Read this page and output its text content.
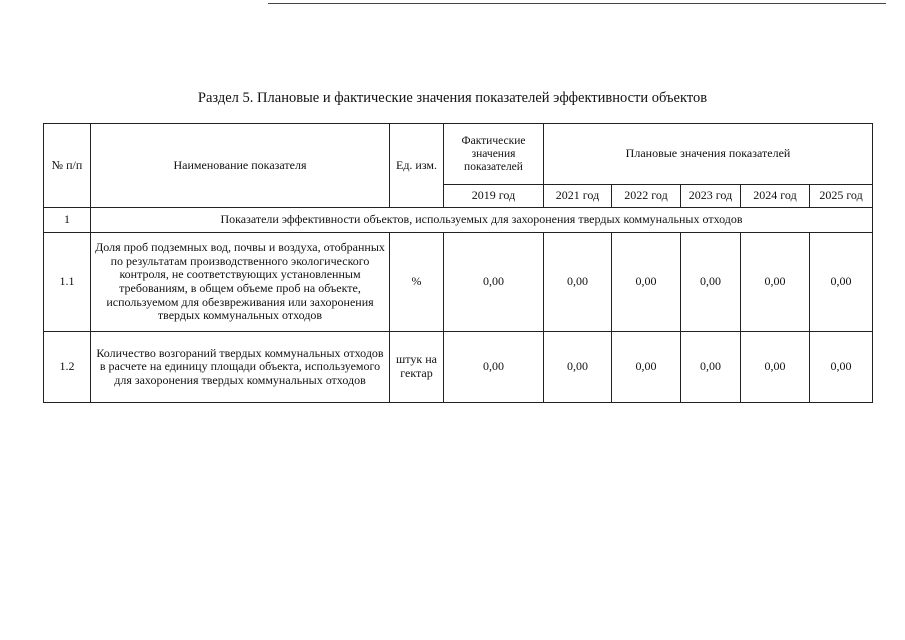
Раздел 5. Плановые и фактические значения показателей эффективности объектов
№ п/п	Наименование показателя	Ед. изм.	Фактические значения показателей	Плановые значения показателей				
			2019 год	2021 год	2022 год	2023 год	2024 год	2025 год
1	Показатели эффективности объектов, используемых для захоронения твердых коммунальных отходов							
1.1	Доля проб подземных вод, почвы и воздуха, отобранных по результатам производственного экологического контроля, не соответствующих установленным требованиям, в общем объеме проб на объекте, используемом для обезвреживания или захоронения твердых коммунальных отходов	%	0,00	0,00	0,00	0,00	0,00	0,00
1.2	Количество возгораний твердых коммунальных отходов в расчете на единицу площади объекта, используемого для захоронения твердых коммунальных отходов	штук на гектар	0,00	0,00	0,00	0,00	0,00	0,00
